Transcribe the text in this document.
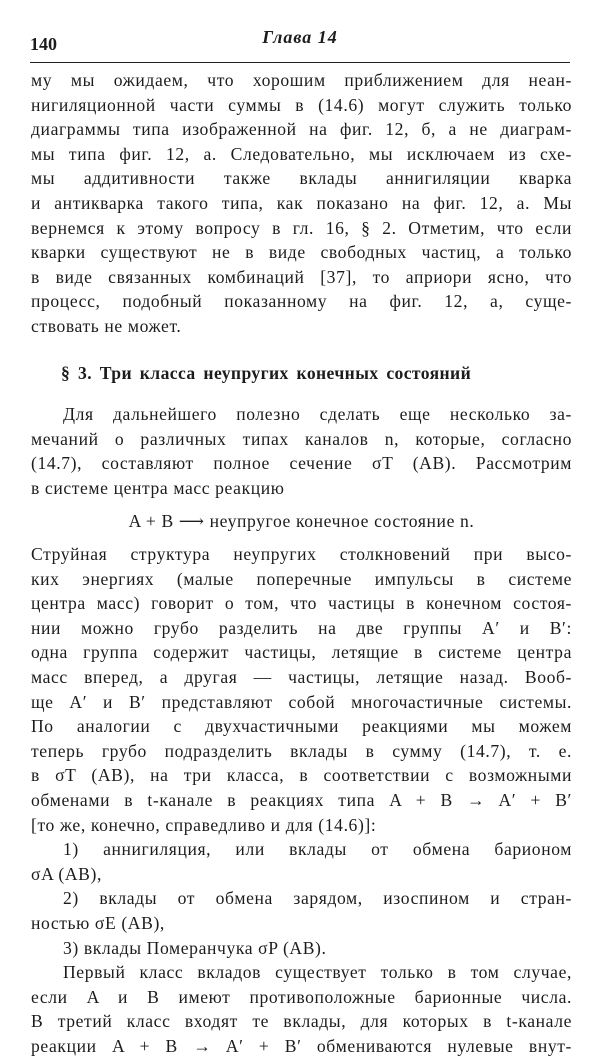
140	Глава 14
му мы ожидаем, что хорошим приближением для неан-
нигиляционной части суммы в (14.6) могут служить только
диаграммы типа изображенной на фиг. 12, б, а не диаграм-
мы типа фиг. 12, а. Следовательно, мы исключаем из схе-
мы аддитивности также вклады аннигиляции кварка
и антикварка такого типа, как показано на фиг. 12, а. Мы
вернемся к этому вопросу в гл. 16, § 2. Отметим, что если
кварки существуют не в виде свободных частиц, а только
в виде связанных комбинаций [37], то априори ясно, что
процесс, подобный показанному на фиг. 12, а, суще-
ствовать не может.
§ 3. Три класса неупругих конечных состояний
Для дальнейшего полезно сделать еще несколько за-
мечаний о различных типах каналов n, которые, согласно
(14.7), составляют полное сечение σT (AB). Рассмотрим
в системе центра масс реакцию
A + B ⟶ неупругое конечное состояние n.
Струйная структура неупругих столкновений при высо-
ких энергиях (малые поперечные импульсы в системе
центра масс) говорит о том, что частицы в конечном состоя-
нии можно грубо разделить на две группы A′ и B′:
одна группа содержит частицы, летящие в системе центра
масс вперед, а другая — частицы, летящие назад. Вооб-
ще A′ и B′ представляют собой многочастичные системы.
По аналогии с двухчастичными реакциями мы можем
теперь грубо подразделить вклады в сумму (14.7), т. е.
в σT (AB), на три класса, в соответствии с возможными
обменами в t-канале в реакциях типа A + B → A′ + B′
[то же, конечно, справедливо и для (14.6)]:
1) аннигиляция, или вклады от обмена барионом
σA (AB),
2) вклады от обмена зарядом, изоспином и стран-
ностью σE (AB),
3) вклады Померанчука σP (AB).
Первый класс вкладов существует только в том случае,
если A и B имеют противоположные барионные числа.
В третий класс входят те вклады, для которых в t-канале
реакции A + B → A′ + B′ обмениваются нулевые внут-
